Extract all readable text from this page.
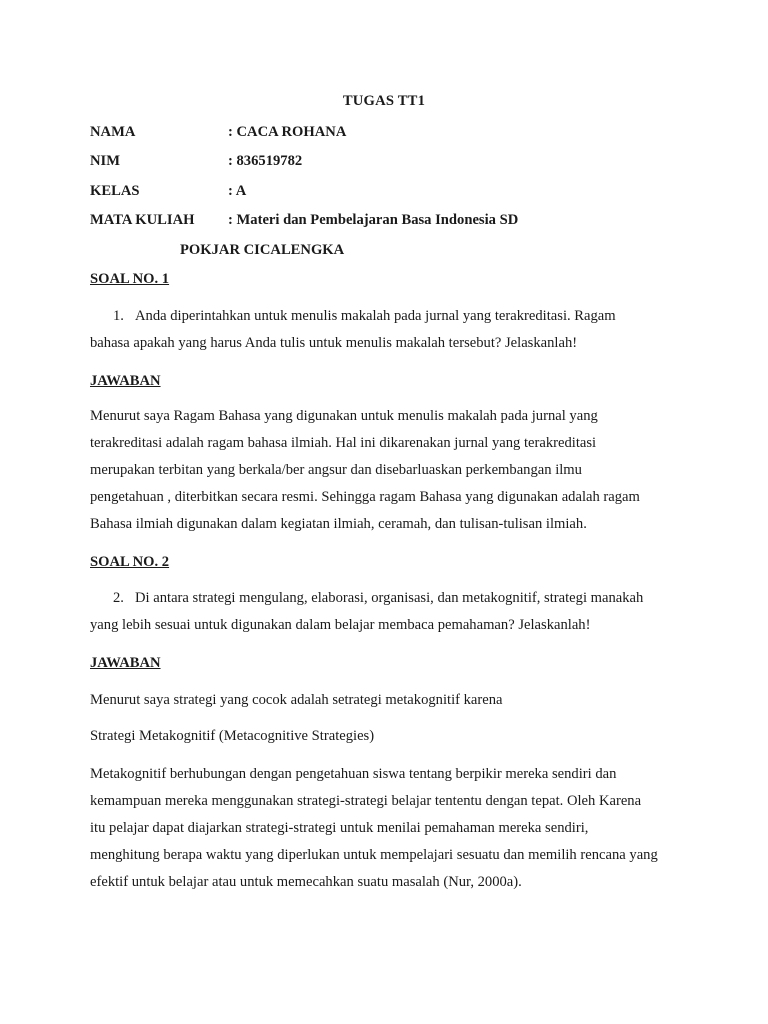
TUGAS TT1
NAMA	: CACA ROHANA
NIM	: 836519782
KELAS	: A
MATA KULIAH : Materi dan Pembelajaran Basa Indonesia SD
POKJAR CICALENGKA
SOAL NO. 1
1. Anda diperintahkan untuk menulis makalah pada jurnal yang terakreditasi. Ragam
bahasa apakah yang harus Anda tulis untuk menulis makalah tersebut? Jelaskanlah!
JAWABAN
Menurut saya Ragam Bahasa yang digunakan untuk menulis makalah pada jurnal yang
terakreditasi adalah ragam bahasa ilmiah. Hal ini dikarenakan jurnal yang terakreditasi
merupakan terbitan yang berkala/ber angsur dan disebarluaskan perkembangan ilmu
pengetahuan , diterbitkan secara resmi. Sehingga ragam Bahasa yang digunakan adalah ragam
Bahasa ilmiah digunakan dalam kegiatan ilmiah, ceramah, dan tulisan-tulisan ilmiah.
SOAL NO. 2
2. Di antara strategi mengulang, elaborasi, organisasi, dan metakognitif, strategi manakah
yang lebih sesuai untuk digunakan dalam belajar membaca pemahaman? Jelaskanlah!
JAWABAN
Menurut saya strategi yang cocok adalah setrategi metakognitif karena
Strategi Metakognitif (Metacognitive Strategies)
Metakognitif berhubungan dengan pengetahuan siswa tentang berpikir mereka sendiri dan
kemampuan mereka menggunakan strategi-strategi belajar tententu dengan tepat. Oleh Karena
itu pelajar dapat diajarkan strategi-strategi untuk menilai pemahaman mereka sendiri,
menghitung berapa waktu yang diperlukan untuk mempelajari sesuatu dan memilih rencana yang
efektif untuk belajar atau untuk memecahkan suatu masalah (Nur, 2000a).
